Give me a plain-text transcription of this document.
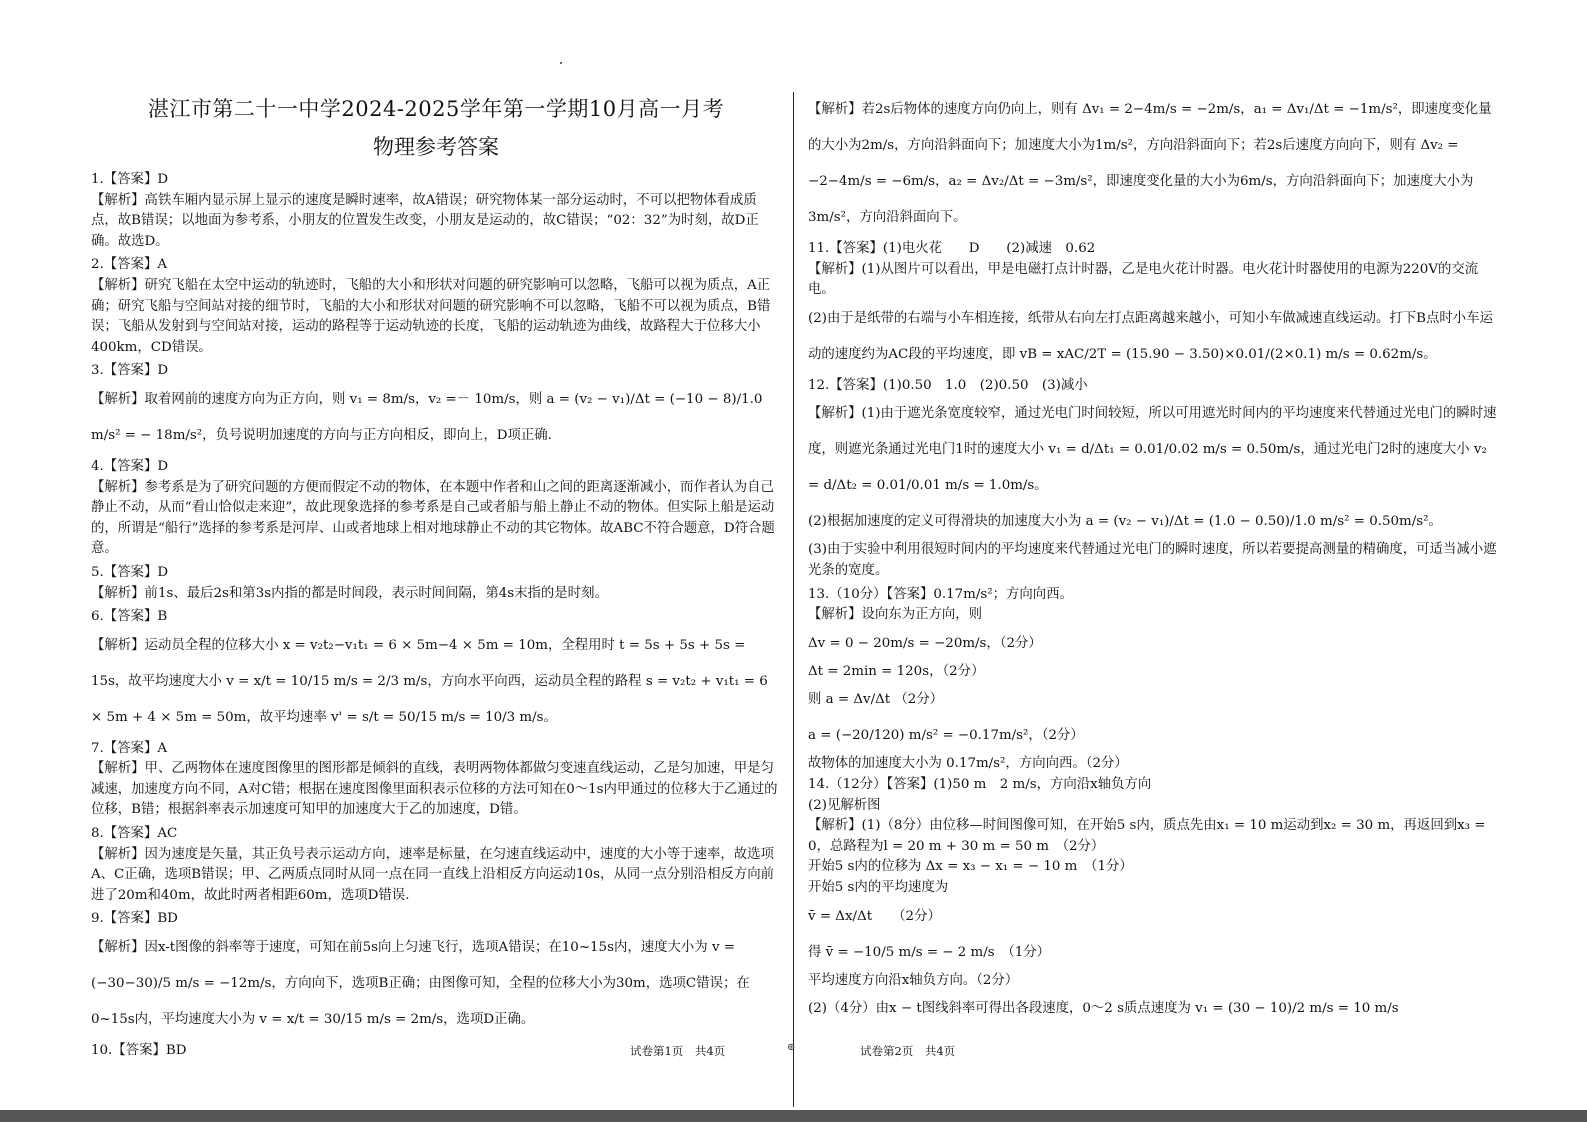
湛江市第二十一中学2024-2025学年第一学期10月高一月考
物理参考答案

1.【答案】D

【解析】高铁车厢内显示屏上显示的速度是瞬时速率，故A错误；研究物体某一部分运动时，不可以把物体看成质点，故B错误；以地面为参考系，小朋友的位置发生改变，小朋友是运动的，故C错误；“02：32”为时刻，故D正确。故选D。

2.【答案】A

【解析】研究飞船在太空中运动的轨迹时，飞船的大小和形状对问题的研究影响可以忽略，飞船可以视为质点，A正确；研究飞船与空间站对接的细节时，飞船的大小和形状对问题的研究影响不可以忽略，飞船不可以视为质点，B错误；飞船从发射到与空间站对接，运动的路程等于运动轨迹的长度，飞船的运动轨迹为曲线，故路程大于位移大小400km，CD错误。

3.【答案】D

【解析】取着网前的速度方向为正方向，则 v₁ = 8m/s，v₂ =－ 10m/s，则 a = (v₂ − v₁)/Δt = (−10 − 8)/1.0 m/s² = − 18m/s²，负号说明加速度的方向与正方向相反，即向上，D项正确.

4.【答案】D

【解析】参考系是为了研究问题的方便而假定不动的物体，在本题中作者和山之间的距离逐渐减小，而作者认为自己静止不动，从而“看山恰似走来迎”，故此现象选择的参考系是自己或者船与船上静止不动的物体。但实际上船是运动的，所谓是“船行”选择的参考系是河岸、山或者地球上相对地球静止不动的其它物体。故ABC不符合题意，D符合题意。

5.【答案】D

【解析】前1s、最后2s和第3s内指的都是时间段，表示时间间隔，第4s末指的是时刻。

6.【答案】B

【解析】运动员全程的位移大小 x = v₂t₂−v₁t₁ = 6 × 5m−4 × 5m = 10m，全程用时 t = 5s + 5s + 5s = 15s，故平均速度大小 v = x/t = 10/15 m/s = 2/3 m/s，方向水平向西，运动员全程的路程 s = v₂t₂ + v₁t₁ = 6 × 5m + 4 × 5m = 50m，故平均速率 v' = s/t = 50/15 m/s = 10/3 m/s。

7.【答案】A

【解析】甲、乙两物体在速度图像里的图形都是倾斜的直线，表明两物体都做匀变速直线运动，乙是匀加速，甲是匀减速，加速度方向不同，A对C错；根据在速度图像里面积表示位移的方法可知在0～1s内甲通过的位移大于乙通过的位移，B错；根据斜率表示加速度可知甲的加速度大于乙的加速度，D错。

8.【答案】AC

【解析】因为速度是矢量，其正负号表示运动方向，速率是标量，在匀速直线运动中，速度的大小等于速率，故选项A、C正确，选项B错误；甲、乙两质点同时从同一点在同一直线上沿相反方向运动10s，从同一点分别沿相反方向前进了20m和40m，故此时两者相距60m，选项D错误.

9.【答案】BD

【解析】因x-t图像的斜率等于速度，可知在前5s向上匀速飞行，选项A错误；在10~15s内，速度大小为 v = (−30−30)/5 m/s = −12m/s，方向向下，选项B正确；由图像可知，全程的位移大小为30m，选项C错误；在0~15s内，平均速度大小为 v = x/t = 30/15 m/s = 2m/s，选项D正确。

10.【答案】BD

【解析】若2s后物体的速度方向仍向上，则有 Δv₁ = 2−4m/s = −2m/s，a₁ = Δv₁/Δt = −1m/s²，即速度变化量的大小为2m/s，方向沿斜面向下；加速度大小为1m/s²，方向沿斜面向下；若2s后速度方向向下，则有 Δv₂ = −2−4m/s = −6m/s，a₂ = Δv₂/Δt = −3m/s²，即速度变化量的大小为6m/s，方向沿斜面向下；加速度大小为3m/s²，方向沿斜面向下。

11.【答案】(1)电火花　　D　　(2)减速　0.62

【解析】(1)从图片可以看出，甲是电磁打点计时器，乙是电火花计时器。电火花计时器使用的电源为220V的交流电。

(2)由于是纸带的右端与小车相连接，纸带从右向左打点距离越来越小，可知小车做减速直线运动。打下B点时小车运动的速度约为AC段的平均速度，即 vB = xAC/2T = (15.90 − 3.50)×0.01/(2×0.1) m/s = 0.62m/s。

12.【答案】(1)0.50　1.0　(2)0.50　(3)减小

【解析】(1)由于遮光条宽度较窄，通过光电门时间较短，所以可用遮光时间内的平均速度来代替通过光电门的瞬时速度，则遮光条通过光电门1时的速度大小 v₁ = d/Δt₁ = 0.01/0.02 m/s = 0.50m/s，通过光电门2时的速度大小 v₂ = d/Δt₂ = 0.01/0.01 m/s = 1.0m/s。

(2)根据加速度的定义可得滑块的加速度大小为 a = (v₂ − v₁)/Δt = (1.0 − 0.50)/1.0 m/s² = 0.50m/s²。

(3)由于实验中利用很短时间内的平均速度来代替通过光电门的瞬时速度，所以若要提高测量的精确度，可适当减小遮光条的宽度。

13.（10分）【答案】0.17m/s²；方向向西。

【解析】设向东为正方向，则

Δv = 0 − 20m/s = −20m/s，（2分）

Δt = 2min = 120s，（2分）

则 a = Δv/Δt （2分）

a = (−20/120) m/s² = −0.17m/s²，（2分）

故物体的加速度大小为 0.17m/s²，方向向西。（2分）

14.（12分）【答案】(1)50 m　2 m/s，方向沿x轴负方向

(2)见解析图

【解析】(1)（8分）由位移—时间图像可知，在开始5 s内，质点先由x₁ = 10 m运动到x₂ = 30 m，再返回到x₃ = 0，总路程为l = 20 m + 30 m = 50 m　（2分）

开始5 s内的位移为 Δx = x₃ − x₁ = − 10 m　（1分）

开始5 s内的平均速度为

v̄ = Δx/Δt　　（2分）

得 v̄ = −10/5 m/s = − 2 m/s　（1分）

平均速度方向沿x轴负方向。（2分）

(2)（4分）由x − t图线斜率可得出各段速度，0～2 s质点速度为 v₁ = (30 − 10)/2 m/s = 10 m/s

试卷第1页　共4页	⊕	试卷第2页　共4页
